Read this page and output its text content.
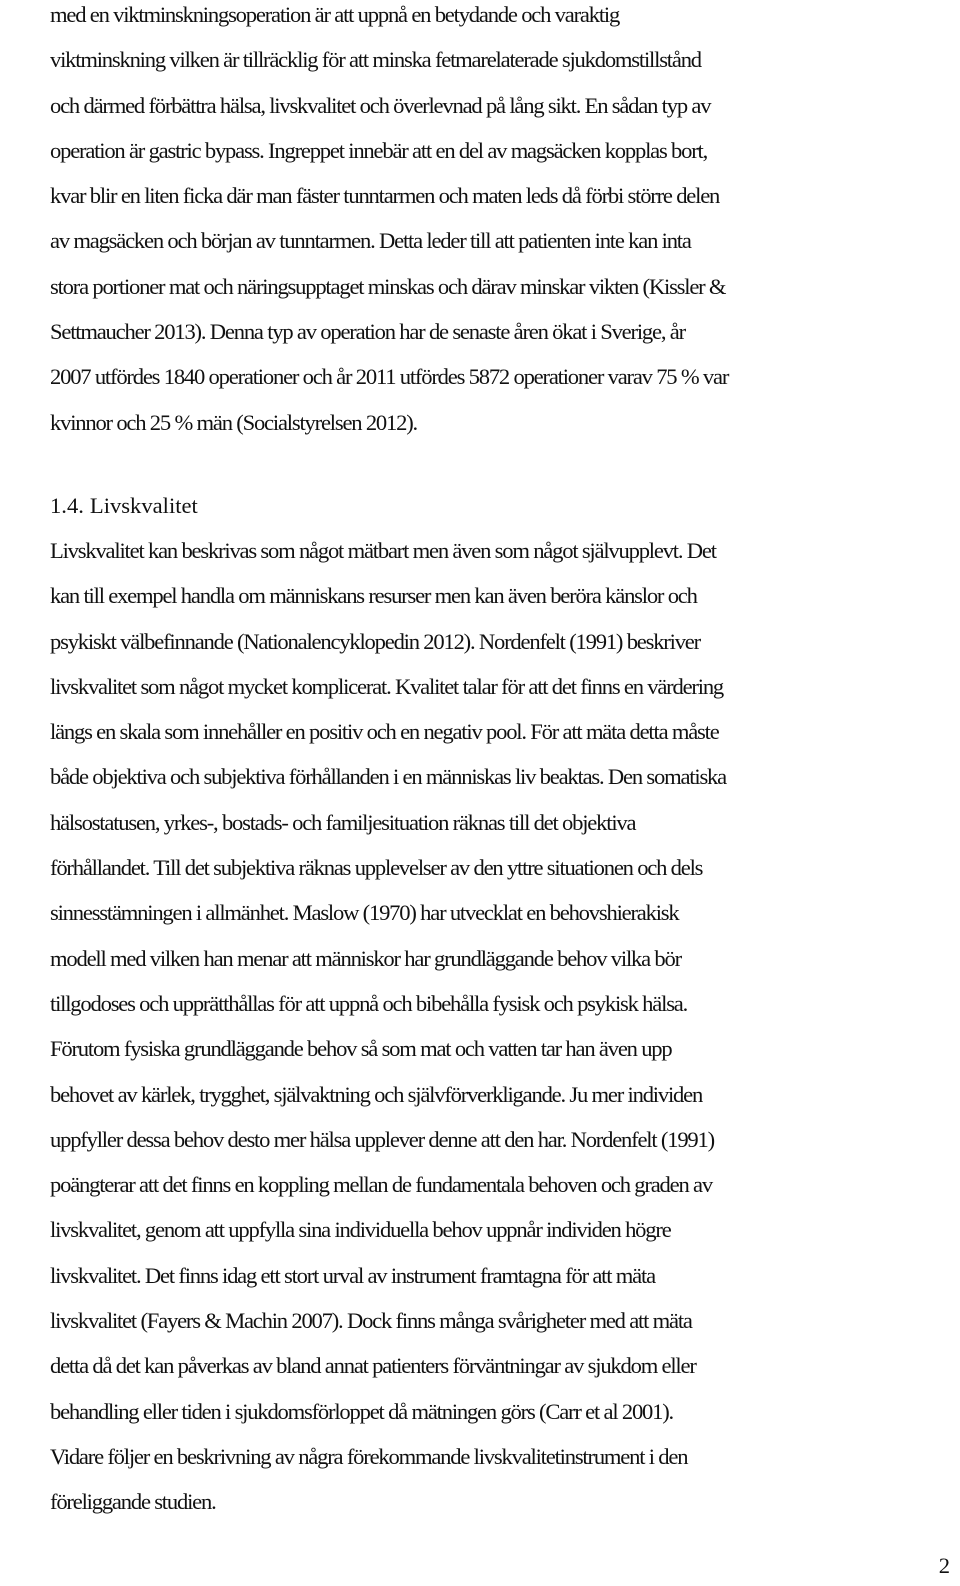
med en viktminskningsoperation är att uppnå en betydande och varaktig
viktminskning vilken är tillräcklig för att minska fetmarelaterade sjukdomstillstånd
och därmed förbättra hälsa, livskvalitet och överlevnad på lång sikt. En sådan typ av
operation är gastric bypass. Ingreppet innebär att en del av magsäcken kopplas bort,
kvar blir en liten ficka där man fäster tunntarmen och maten leds då förbi större delen
av magsäcken och början av tunntarmen. Detta leder till att patienten inte kan inta
stora portioner mat och näringsupptaget minskas och därav minskar vikten (Kissler &
Settmaucher 2013). Denna typ av operation har de senaste åren ökat i Sverige, år
2007 utfördes 1840 operationer och år 2011 utfördes 5872 operationer varav 75 % var
kvinnor och 25 % män (Socialstyrelsen 2012).
1.4. Livskvalitet
Livskvalitet kan beskrivas som något mätbart men även som något självupplevt. Det
kan till exempel handla om människans resurser men kan även beröra känslor och
psykiskt välbefinnande (Nationalencyklopedin 2012). Nordenfelt (1991) beskriver
livskvalitet som något mycket komplicerat. Kvalitet talar för att det finns en värdering
längs en skala som innehåller en positiv och en negativ pool. För att mäta detta måste
både objektiva och subjektiva förhållanden i en människas liv beaktas. Den somatiska
hälsostatusen, yrkes-, bostads- och familjesituation räknas till det objektiva
förhållandet. Till det subjektiva räknas upplevelser av den yttre situationen och dels
sinnesstämningen i allmänhet. Maslow (1970) har utvecklat en behovshierakisk
modell med vilken han menar att människor har grundläggande behov vilka bör
tillgodoses och upprätthållas för att uppnå och bibehålla fysisk och psykisk hälsa.
Förutom fysiska grundläggande behov så som mat och vatten tar han även upp
behovet av kärlek, trygghet, självaktning och självförverkligande. Ju mer individen
uppfyller dessa behov desto mer hälsa upplever denne att den har. Nordenfelt (1991)
poängterar att det finns en koppling mellan de fundamentala behoven och graden av
livskvalitet, genom att uppfylla sina individuella behov uppnår individen högre
livskvalitet. Det finns idag ett stort urval av instrument framtagna för att mäta
livskvalitet (Fayers & Machin 2007). Dock finns många svårigheter med att mäta
detta då det kan påverkas av bland annat patienters förväntningar av sjukdom eller
behandling eller tiden i sjukdomsförloppet då mätningen görs (Carr et al 2001).
Vidare följer en beskrivning av några förekommande livskvalitetinstrument i den
föreliggande studien.
2
